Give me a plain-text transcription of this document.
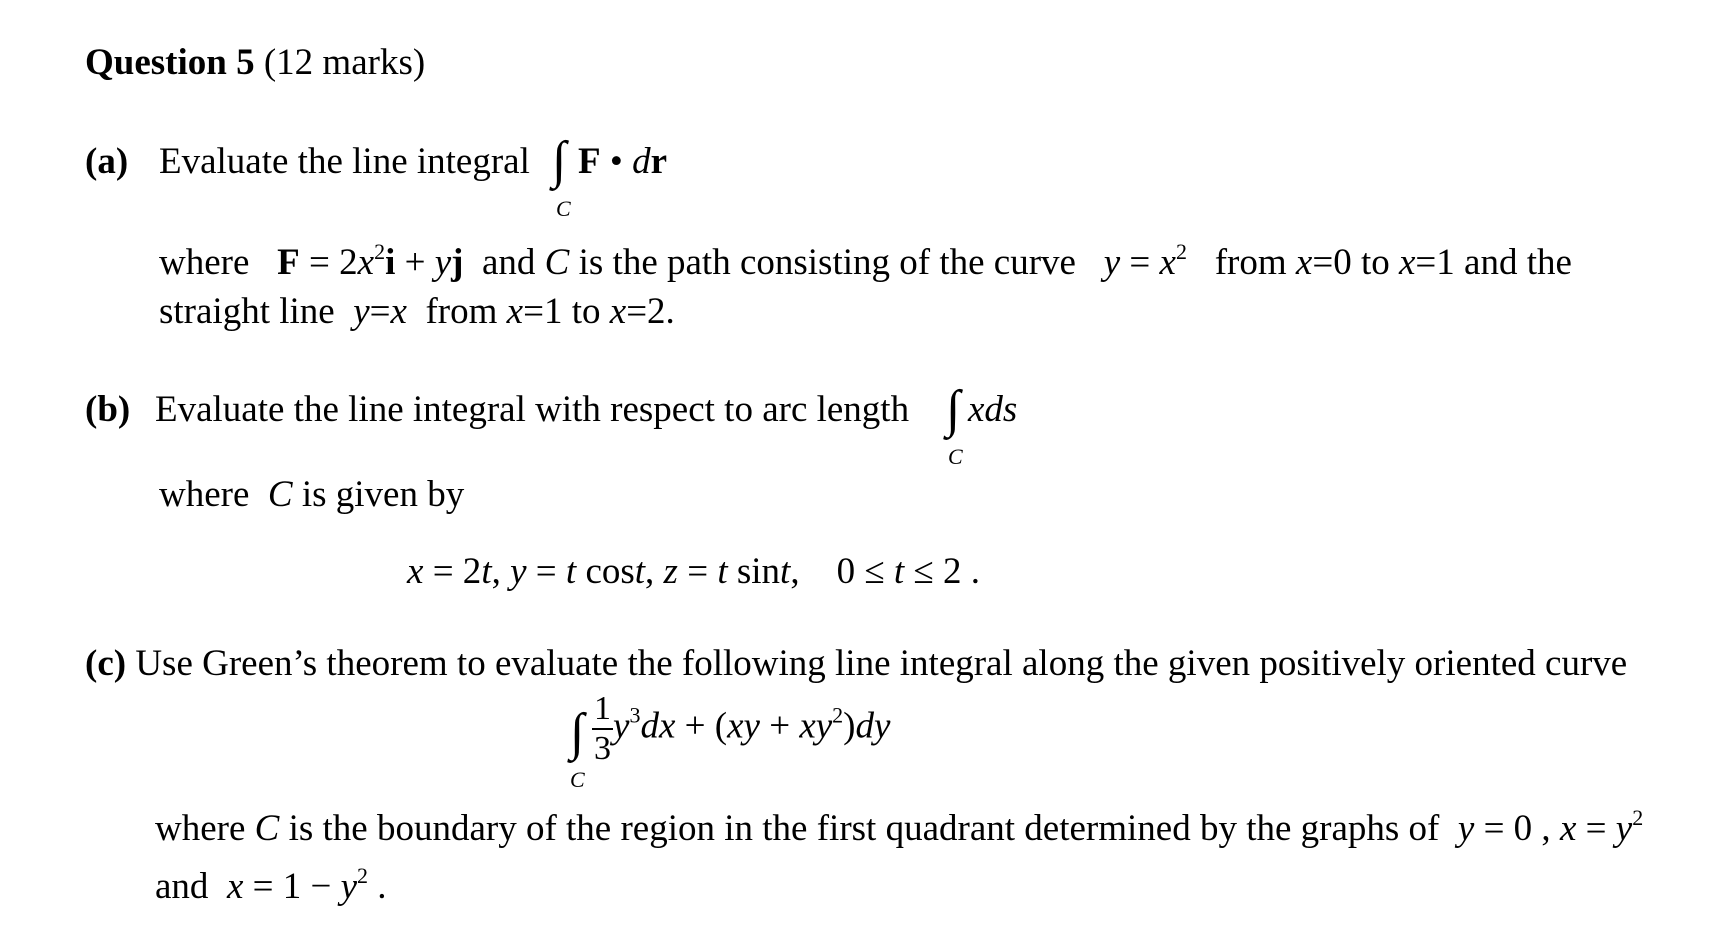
Question 5 (12 marks)
(a) Evaluate the line integral ∫
C
F • dr
where $F = 2x^2i$ + yj and C is the path consisting of the curve $y = x^2$ from x=0 to x=1 and the
straight line y=x from x=1 to x=2.
(b) Evaluate the line integral with respect to arc length ∫
C
xds
where C is given by
x = 2t, y = t cost, z = t sint, 0 ≤ t ≤ 2 .
(c) Use Green’s theorem to evaluate the following line integral along the given positively oriented curve
∫
C
$\frac{1}{3} y^3dx + (xy + xy^2)dy$
where C is the boundary of the region in the first quadrant determined by the graphs of y = 0 , $x = y^2$
and $x = 1 - y^2$ .
